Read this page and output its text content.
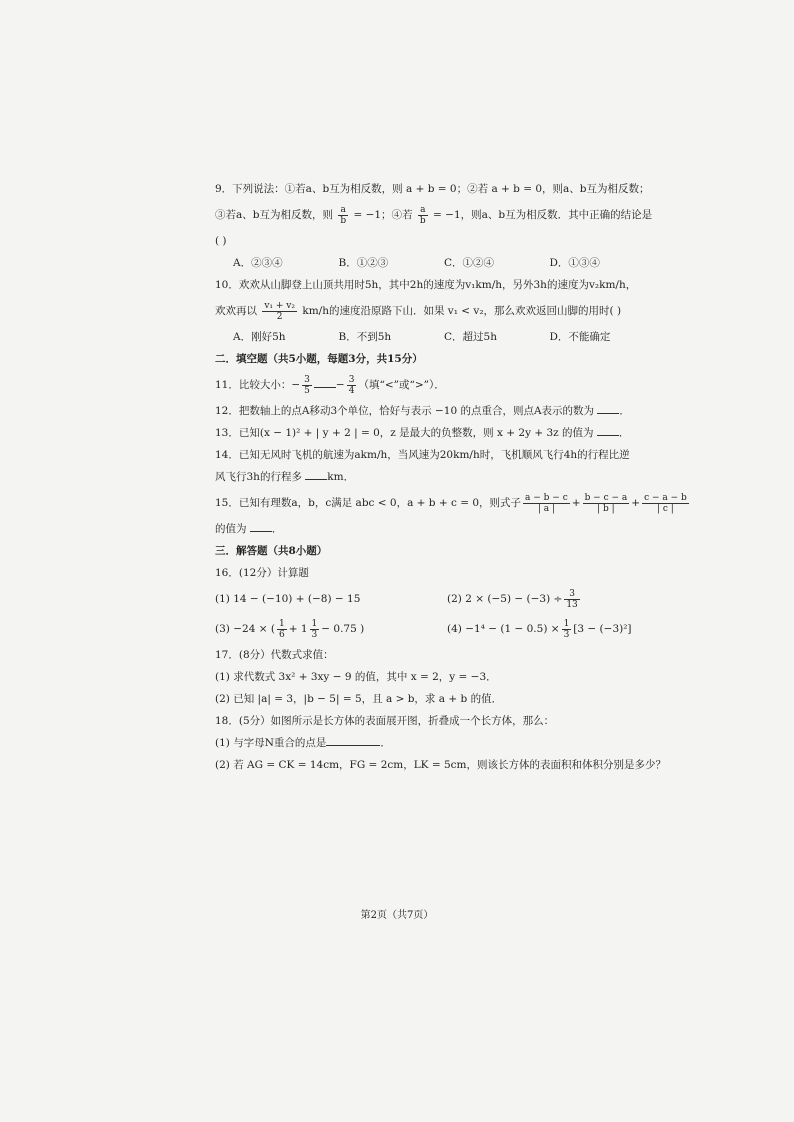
9．下列说法：①若a、b互为相反数，则 a + b = 0；②若 a + b = 0，则a、b互为相反数；
③若a、b互为相反数，则 $\frac{a}{b} = -1$；④若 $\frac{a}{b} = -1$，则a、b互为相反数．其中正确的结论是
( )
A．②③④	B．①②③	C．①②④	D．①③④
10．欢欢从山脚登上山顶共用时5h，其中2h的速度为v₁km/h，另外3h的速度为v₂km/h，
欢欢再以 $\frac{\text{v₁ + v₂}}{2} km/h$的速度沿原路下山．如果 v₁ < v₂，那么欢欢返回山脚的用时( )
A．刚好5h	B．不到5h	C．超过5h	D．不能确定
二．填空题（共5小题，每题3分，共15分）
11．比较大小：− $\frac{3}{5} - \frac{3}{4}$ （填“<”或“>”）．
12．把数轴上的点A移动3个单位，恰好与表示 −10 的点重合，则点A表示的数为 ．
13．已知(x − 1)² + | y + 2 | = 0，z 是最大的负整数，则 x + 2y + 3z 的值为 ．
14．已知无风时飞机的航速为akm/h，当风速为20km/h时，飞机顺风飞行4h的行程比逆
风飞行3h的行程多 km．
15．已知有理数a，b，c满足 abc < 0，a + b + c = 0，则式子 $\frac{a - b - c}{| a |} + \frac{b - c - a}{| b |} + \frac{c - a - b}{| c |}$
的值为 ．
三．解答题（共8小题）
16．(12分）计算题
(1) 14 − (−10) + (−8) − 15	(2) $2 \times (-5) - (-3) \div \frac{3}{13}$
(3) −24 × ( $\frac{1}{6} + 1 \frac{1}{3} - 0.75$ )	$(4) -1^4 - (1 - 0.5) \times \frac{1}{3} [3 - (-3)^2]$
17．(8分）代数式求值：
(1) 求代数式 3x² + 3xy − 9 的值，其中 x = 2，y = −3．
(2) 已知 |a| = 3，|b − 5| = 5，且 a > b，求 a + b 的值．
18．(5分）如图所示是长方体的表面展开图，折叠成一个长方体，那么：
(1) 与字母N重合的点是	．
(2) 若 AG = CK = 14cm，FG = 2cm，LK = 5cm，则该长方体的表面积和体积分别是多少？
第2页（共7页）
